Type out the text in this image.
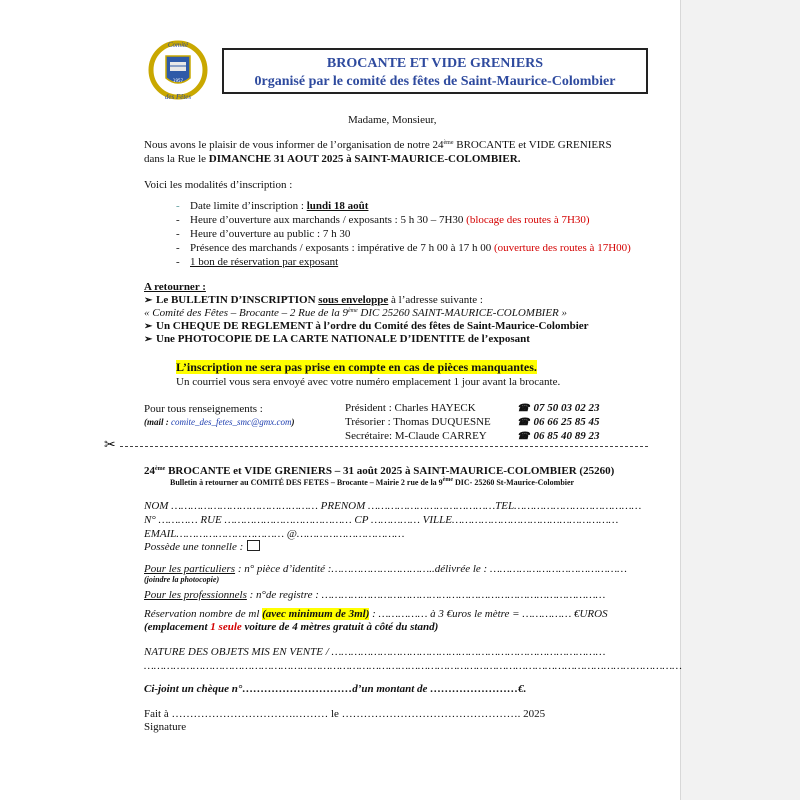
1957
Comité
des Fêtes
BROCANTE ET VIDE GRENIERS
0rganisé par le comité des fêtes de Saint-Maurice-Colombier
Madame, Monsieur,
Nous avons le plaisir de vous informer de l’organisation de notre 24ème BROCANTE et VIDE GRENIERS
dans la Rue le DIMANCHE 31 AOUT 2025 à SAINT-MAURICE-COLOMBIER.
Voici les modalités d’inscription :
- Date limite d’inscription : lundi 18 août
- Heure d’ouverture aux marchands / exposants : 5 h 30 – 7H30 (blocage des routes à 7H30)
- Heure d’ouverture au public : 7 h 30
- Présence des marchands / exposants : impérative de 7 h 00 à 17 h 00 (ouverture des routes à 17H00)
- 1 bon de réservation par exposant
A retourner :
➢ Le BULLETIN D’INSCRIPTION sous enveloppe à l’adresse suivante :
« Comité des Fêtes – Brocante – 2 Rue de la 9ème DIC 25260 SAINT-MAURICE-COLOMBIER »
➢ Un CHEQUE DE REGLEMENT à l’ordre du Comité des fêtes de Saint-Maurice-Colombier
➢ Une PHOTOCOPIE DE LA CARTE NATIONALE D’IDENTITE de l’exposant
L’inscription ne sera pas prise en compte en cas de pièces manquantes.
Un courriel vous sera envoyé avec votre numéro emplacement 1 jour avant la brocante.
Pour tous renseignements :
(mail : comite_des_fetes_smc@gmx.com)
Président : Charles HAYECK
Trésorier : Thomas DUQUESNE
Secrétaire: M-Claude CARREY
☎ 07 50 03 02 23
☎ 06 66 25 85 45
☎ 06 85 40 89 23
✂
24ème BROCANTE et VIDE GRENIERS – 31 août 2025 à SAINT-MAURICE-COLOMBIER (25260)
Bulletin à retourner au COMITÉ DES FETES – Brocante – Mairie 2 rue de la 9ème DIC- 25260 St-Maurice-Colombier
NOM ……………………………………… PRENOM …………………………………TEL…………………………………
N° ………… RUE ………………………………… CP …………… VILLE……………………………………………
EMAIL…………………………… @……………………………
Possède une tonnelle :
Pour les particuliers : n° pièce d’identité :…………………………..délivrée le : ……………………………………
(joindre la photocopie)
Pour les professionnels : n°de registre : ……………………………………………………………………………
Réservation nombre de ml (avec minimum de 3ml) : …………… à 3 €uros le mètre = …………… €UROS
(emplacement 1 seule voiture de 4 mètres gratuit à côté du stand)
NATURE DES OBJETS MIS EN VENTE / …………………………………………………………………………
…………………………………………………………………………………………………………………………………………………
Ci-joint un chèque n°…………………………d’un montant de ……………………€.
Fait à …………………………….……… le …………………………………………. 2025
Signature
